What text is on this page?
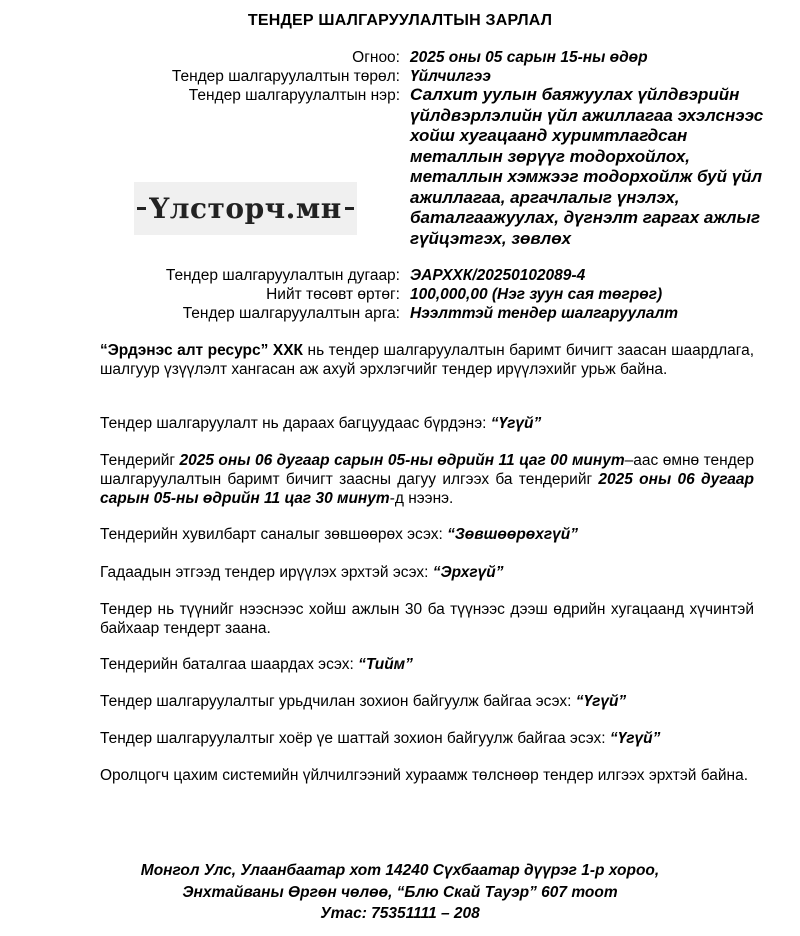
ТЕНДЕР ШАЛГАРУУЛАЛТЫН ЗАРЛАЛ
Огноо: 2025 оны 05 сарын 15-ны өдөр
Тендер шалгаруулалтын төрөл: Үйлчилгээ
Тендер шалгаруулалтын нэр: Салхит уулын баяжуулах үйлдвэрийн үйлдвэрлэлийн үйл ажиллагаа эхэлснээс хойш хугацаанд хуримтлагдсан металлын зөрүүг тодорхойлох, металлын хэмжээг тодорхойлж буй үйл ажиллагаа, аргачлалыг үнэлэх, баталгаажуулах, дүгнэлт гаргах ажлыг гүйцэтгэх, зөвлөх
Тендер шалгаруулалтын дугаар: ЭАРХХК/20250102089-4
Нийт төсөвт өртөг: 100,000,00 (Нэг зуун сая төгрөг)
Тендер шалгаруулалтын арга: Нээлттэй тендер шалгаруулалт
Үлсторч.мн
“Эрдэнэс алт ресурс” ХХК нь тендер шалгаруулалтын баримт бичигт заасан шаардлага, шалгуур үзүүлэлт хангасан аж ахуй эрхлэгчийг тендер ирүүлэхийг урьж байна.
Тендер шалгаруулалт нь дараах багцуудаас бүрдэнэ: “Үгүй”
Тендерийг 2025 оны 06 дугаар сарын 05-ны өдрийн 11 цаг 00 минут–аас өмнө тендер шалгаруулалтын баримт бичигт заасны дагуу илгээх ба тендерийг 2025 оны 06 дугаар сарын 05-ны өдрийн 11 цаг 30 минут-д нээнэ.
Тендерийн хувилбарт саналыг зөвшөөрөх эсэх: “Зөвшөөрөхгүй”
Гадаадын этгээд тендер ирүүлэх эрхтэй эсэх: “Эрхгүй”
Тендер нь түүнийг нээснээс хойш ажлын 30 ба түүнээс дээш өдрийн хугацаанд хүчинтэй байхаар тендерт заана.
Тендерийн баталгаа шаардах эсэх: “Тийм”
Тендер шалгаруулалтыг урьдчилан зохион байгуулж байгаа эсэх: “Үгүй”
Тендер шалгаруулалтыг хоёр үе шаттай зохион байгуулж байгаа эсэх: “Үгүй”
Оролцогч цахим системийн үйлчилгээний хураамж төлснөөр тендер илгээх эрхтэй байна.
Монгол Улс, Улаанбаатар хот 14240 Сүхбаатар дүүрэг 1-р хороо,
Энхтайваны Өргөн чөлөө, “Блю Скай Тауэр” 607 тоот
Утас: 75351111 – 208
